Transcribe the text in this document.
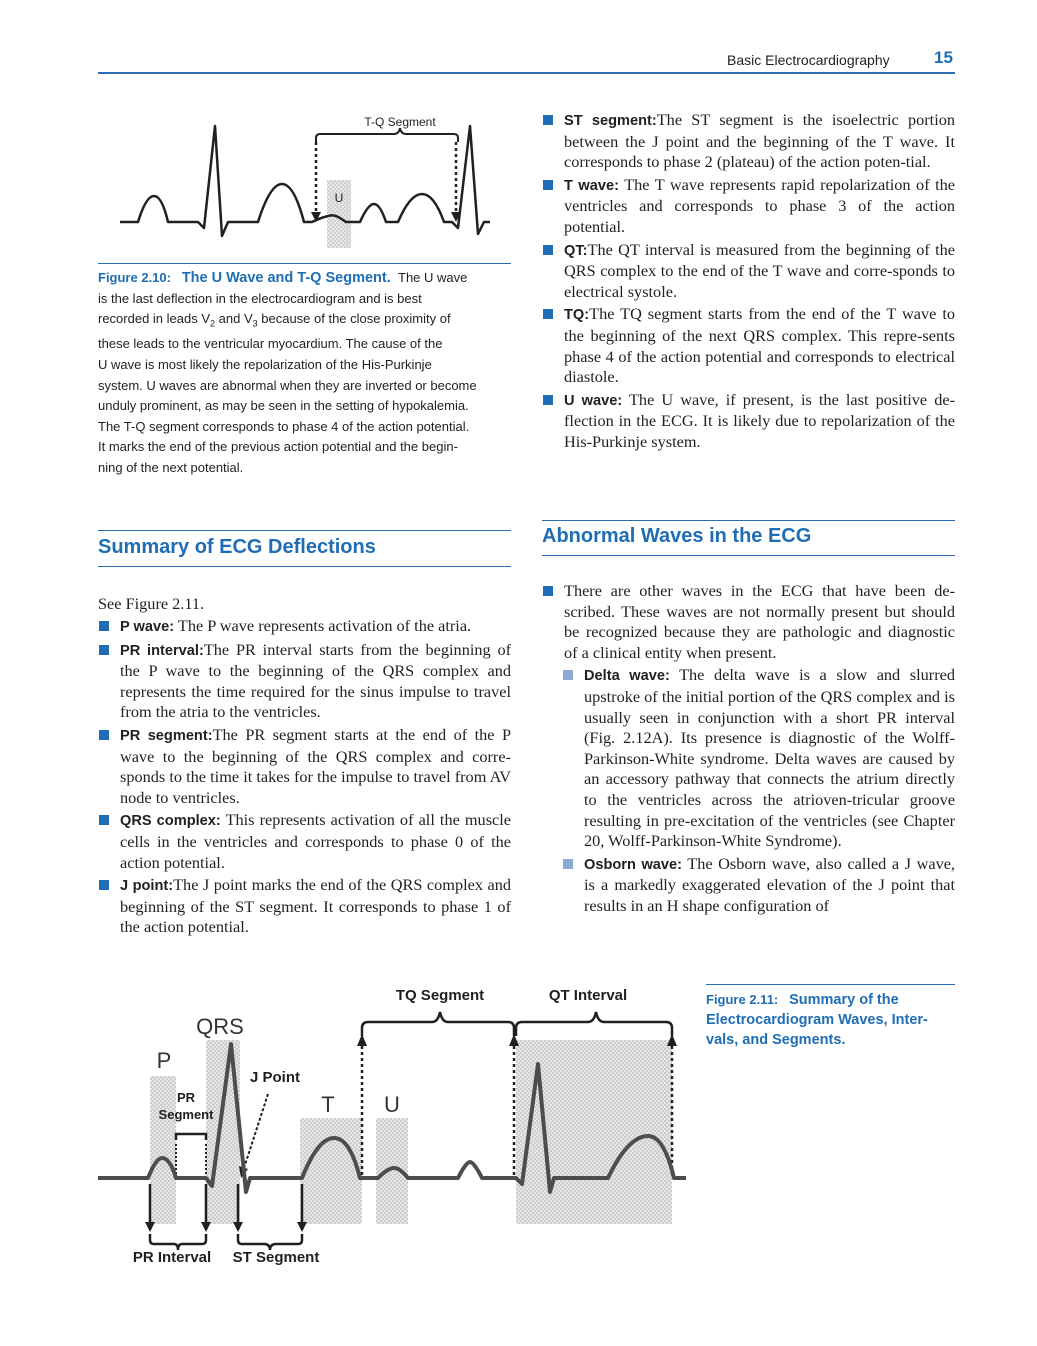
Basic Electrocardiography	15
T-Q Segment
U
Figure 2.10: The U Wave and T-Q Segment. The U wave
is the last deflection in the electrocardiogram and is best
recorded in leads $V_2$ and $V_3$ because of the close proximity of
these leads to the ventricular myocardium. The cause of the
U wave is most likely the repolarization of the His-Purkinje
system. U waves are abnormal when they are inverted or become
unduly prominent, as may be seen in the setting of hypokalemia.
The T-Q segment corresponds to phase 4 of the action potential.
It marks the end of the previous action potential and the begin-
ning of the next potential.
ST segment:The ST segment is the isoelectric portion between the J point and the beginning of the T wave. It corresponds to phase 2 (plateau) of the action poten-tial.
T wave: The T wave represents rapid repolarization of the ventricles and corresponds to phase 3 of the action potential.
QT:The QT interval is measured from the beginning of the QRS complex to the end of the T wave and corre-sponds to electrical systole.
TQ:The TQ segment starts from the end of the T wave to the beginning of the next QRS complex. This repre-sents phase 4 of the action potential and corresponds to electrical diastole.
U wave: The U wave, if present, is the last positive de-flection in the ECG. It is likely due to repolarization of the His-Purkinje system.
Summary of ECG Deflections
See Figure 2.11.
P wave: The P wave represents activation of the atria.
PR interval:The PR interval starts from the beginning of the P wave to the beginning of the QRS complex and represents the time required for the sinus impulse to travel from the atria to the ventricles.
PR segment:The PR segment starts at the end of the P wave to the beginning of the QRS complex and corre-sponds to the time it takes for the impulse to travel from AV node to ventricles.
QRS complex: This represents activation of all the muscle cells in the ventricles and corresponds to phase 0 of the action potential.
J point:The J point marks the end of the QRS complex and beginning of the ST segment. It corresponds to phase 1 of the action potential.
Abnormal Waves in the ECG
There are other waves in the ECG that have been de-scribed. These waves are not normally present but should be recognized because they are pathologic and diagnostic of a clinical entity when present.
Delta wave: The delta wave is a slow and slurred upstroke of the initial portion of the QRS complex and is usually seen in conjunction with a short PR interval (Fig. 2.12A). Its presence is diagnostic of the Wolff-Parkinson-White syndrome. Delta waves are caused by an accessory pathway that connects the atrium directly to the ventricles across the atrioven-tricular groove resulting in pre-excitation of the ventricles (see Chapter 20, Wolff-Parkinson-White Syndrome).
Osborn wave: The Osborn wave, also called a J wave, is a markedly exaggerated elevation of the J point that results in an H shape configuration of
TQ Segment	QT Interval
QRS
P
J Point
PR
Segment	T U
PR Interval ST Segment
Figure 2.11: Summary of the Electrocardiogram Waves, Inter-vals, and Segments.
